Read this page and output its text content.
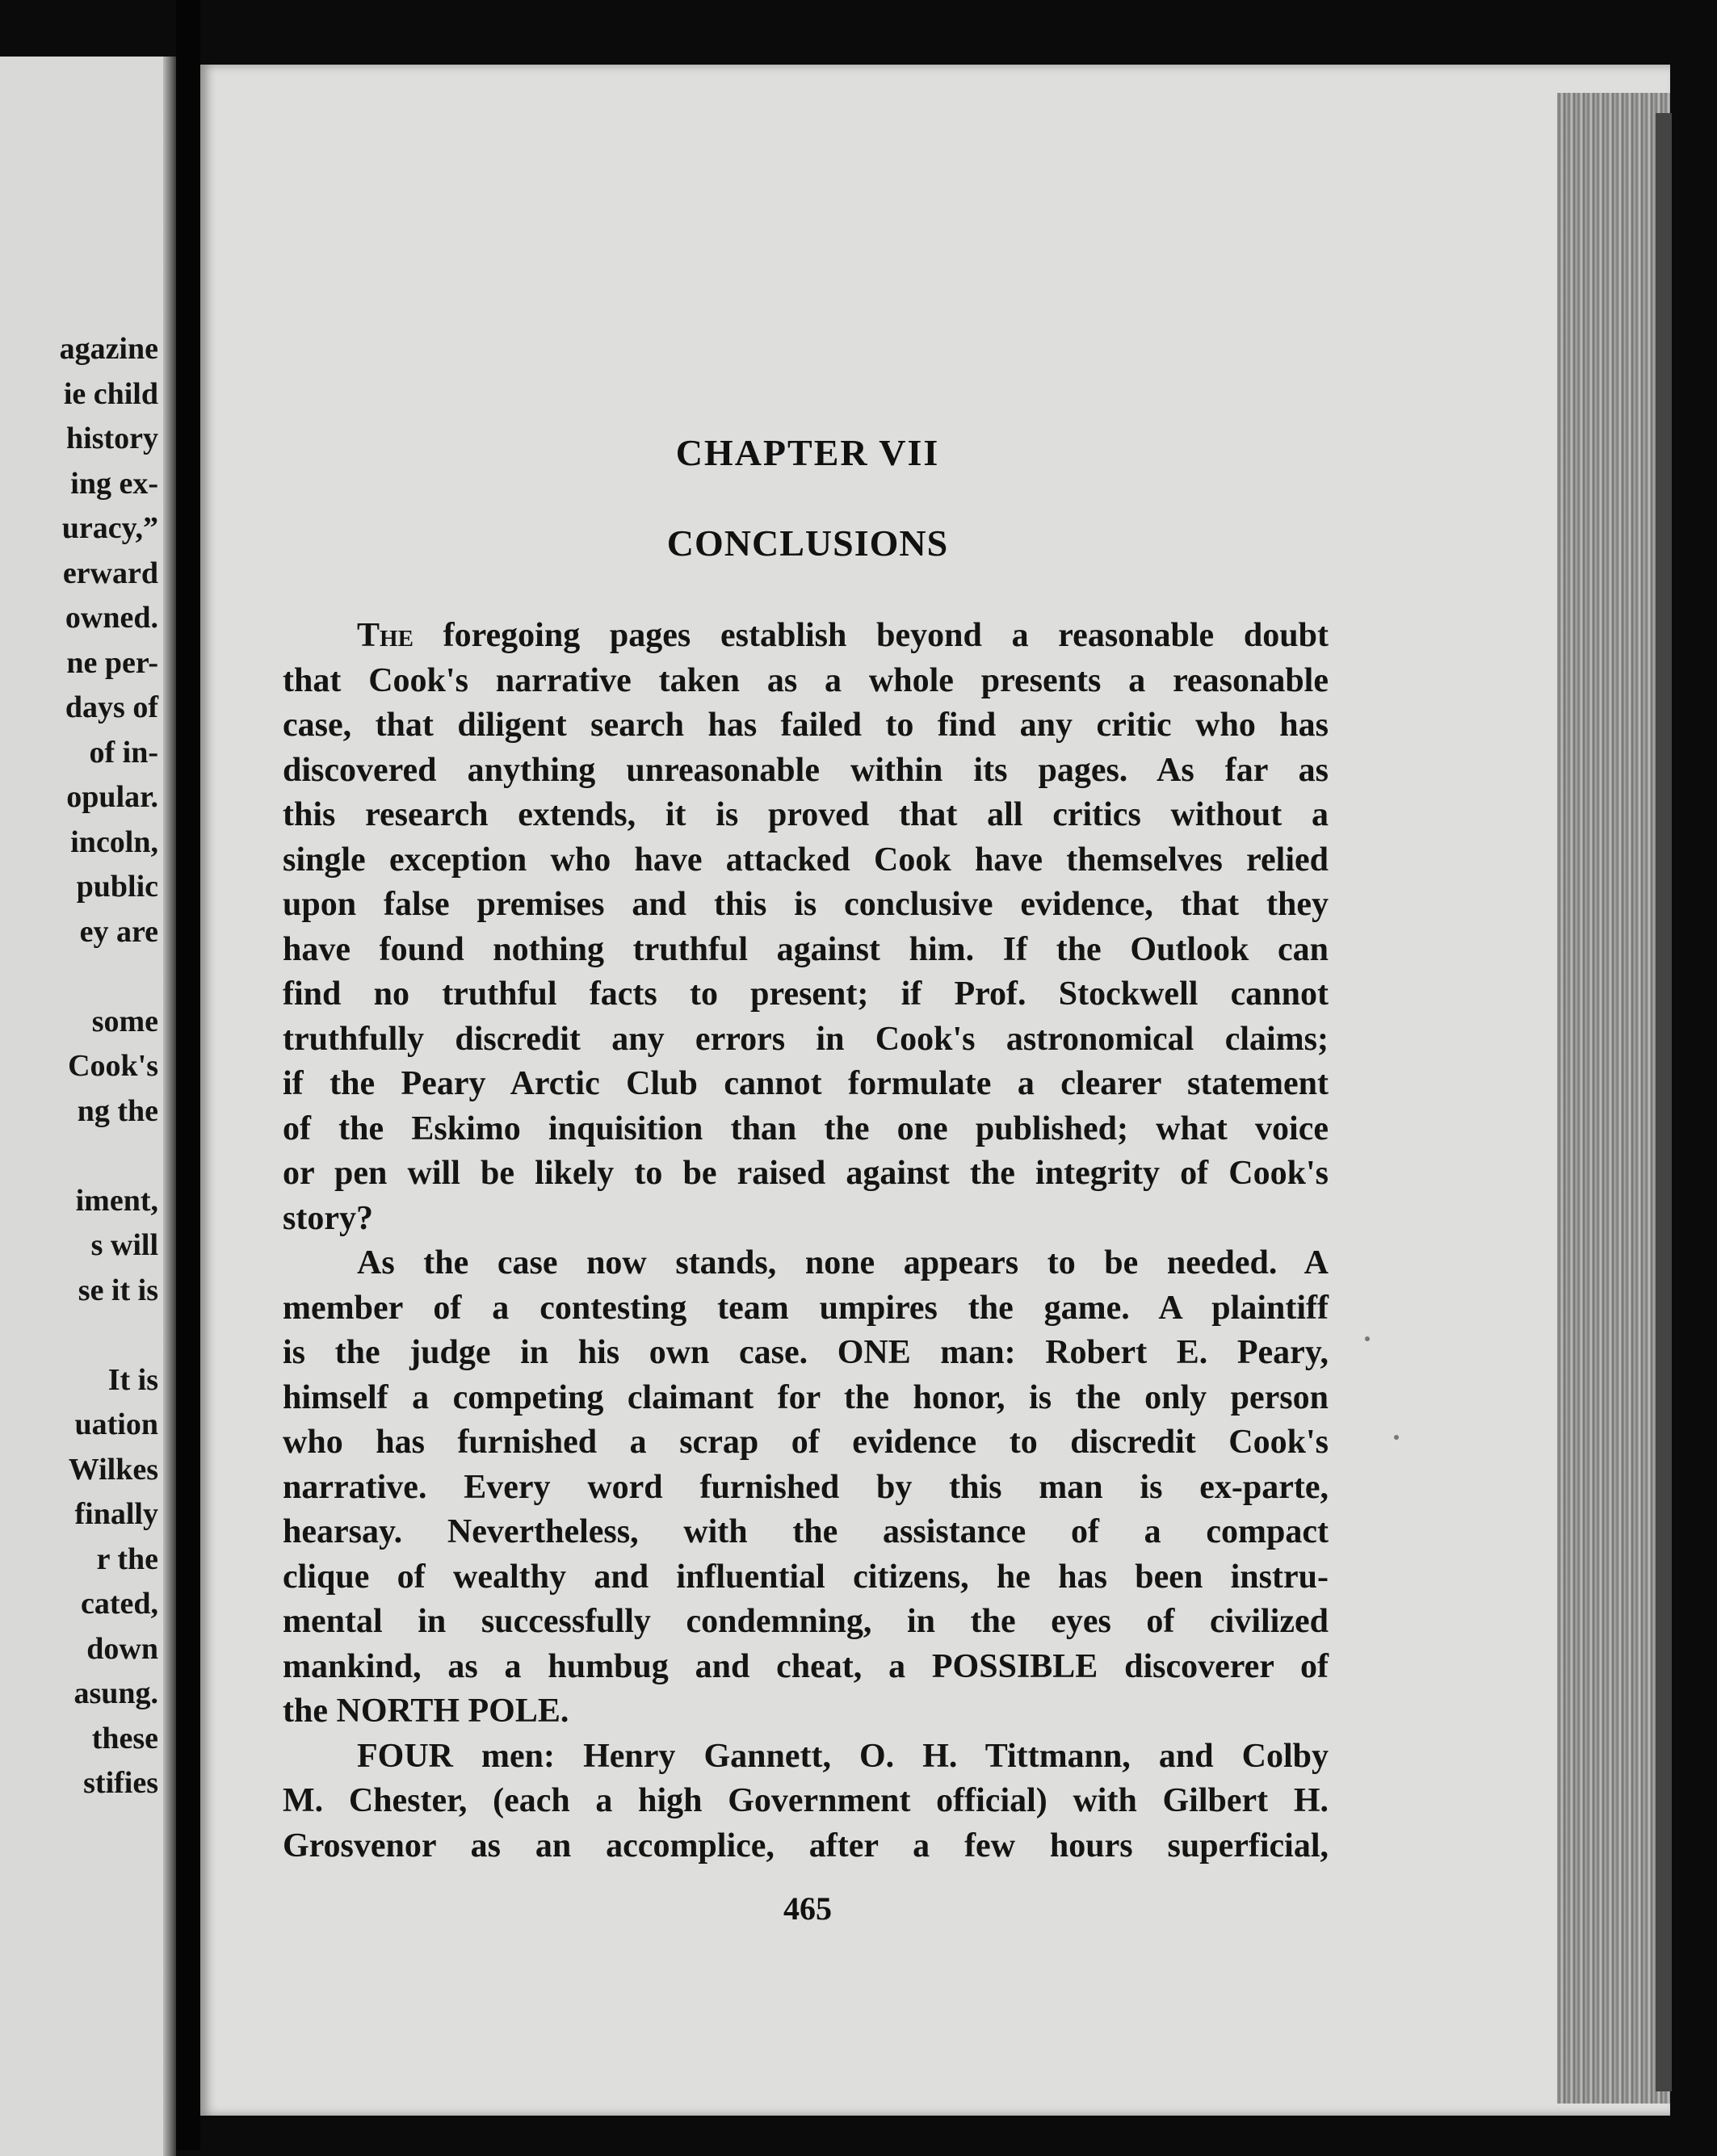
agazine
ie child
history
ing ex-
uracy,”
erward
owned.
ne per-
days of
of in-
opular.
incoln,
public
ey are
some
Cook's
ng the
iment,
s will
se it is
It is
uation
Wilkes
finally
r the
cated,
down
asung.
these
stifies
CHAPTER VII
CONCLUSIONS

The foregoing pages establish beyond a reasonable doubt
that Cook's narrative taken as a whole presents a reasonable
case, that diligent search has failed to find any critic who has
discovered anything unreasonable within its pages. As far as
this research extends, it is proved that all critics without a
single exception who have attacked Cook have themselves relied
upon false premises and this is conclusive evidence, that they
have found nothing truthful against him. If the Outlook can
find no truthful facts to present; if Prof. Stockwell cannot
truthfully discredit any errors in Cook's astronomical claims;
if the Peary Arctic Club cannot formulate a clearer statement
of the Eskimo inquisition than the one published; what voice
or pen will be likely to be raised against the integrity of Cook's
story?

As the case now stands, none appears to be needed. A
member of a contesting team umpires the game. A plaintiff
is the judge in his own case. ONE man: Robert E. Peary,
himself a competing claimant for the honor, is the only person
who has furnished a scrap of evidence to discredit Cook's
narrative. Every word furnished by this man is ex-parte,
hearsay. Nevertheless, with the assistance of a compact
clique of wealthy and influential citizens, he has been instru-
mental in successfully condemning, in the eyes of civilized
mankind, as a humbug and cheat, a POSSIBLE discoverer of
the NORTH POLE.

FOUR men: Henry Gannett, O. H. Tittmann, and Colby
M. Chester, (each a high Government official) with Gilbert H.
Grosvenor as an accomplice, after a few hours superficial,

465
